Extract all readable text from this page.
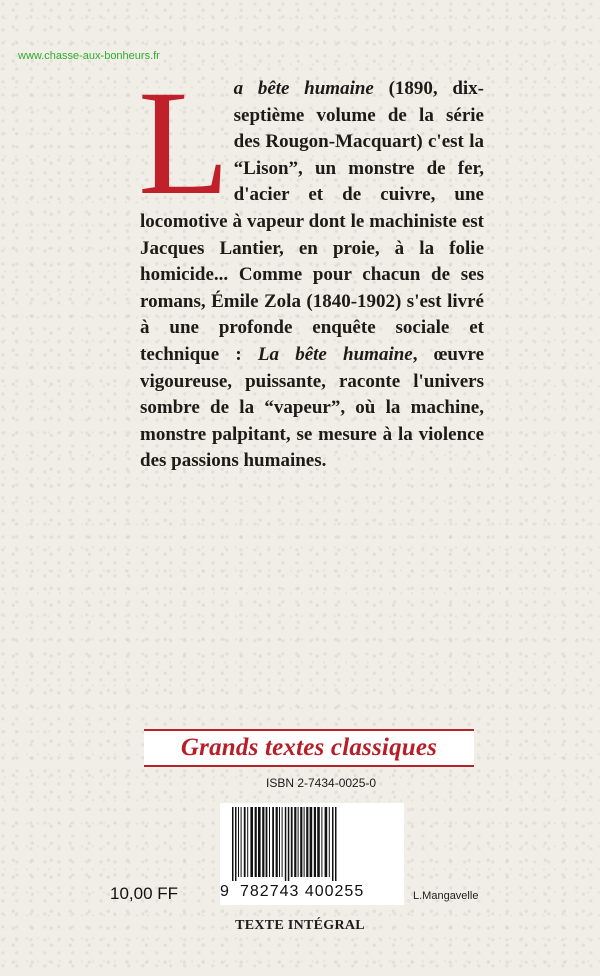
www.chasse-aux-bonheurs.fr
La bête humaine (1890, dix-septième volume de la série des Rougon-Macquart) c'est la “Lison”, un monstre de fer, d'acier et de cuivre, une locomotive à vapeur dont le machiniste est Jacques Lantier, en proie, à la folie homicide... Comme pour chacun de ses romans, Émile Zola (1840-1902) s'est livré à une profonde enquête sociale et technique : La bête humaine, œuvre vigoureuse, puissante, raconte l'univers sombre de la “vapeur”, où la machine, monstre palpitant, se mesure à la violence des passions humaines.
Grands textes classiques
ISBN 2-7434-0025-0
9 782743 400255
10,00 FF	L.Mangavelle
TEXTE INTÉGRAL
